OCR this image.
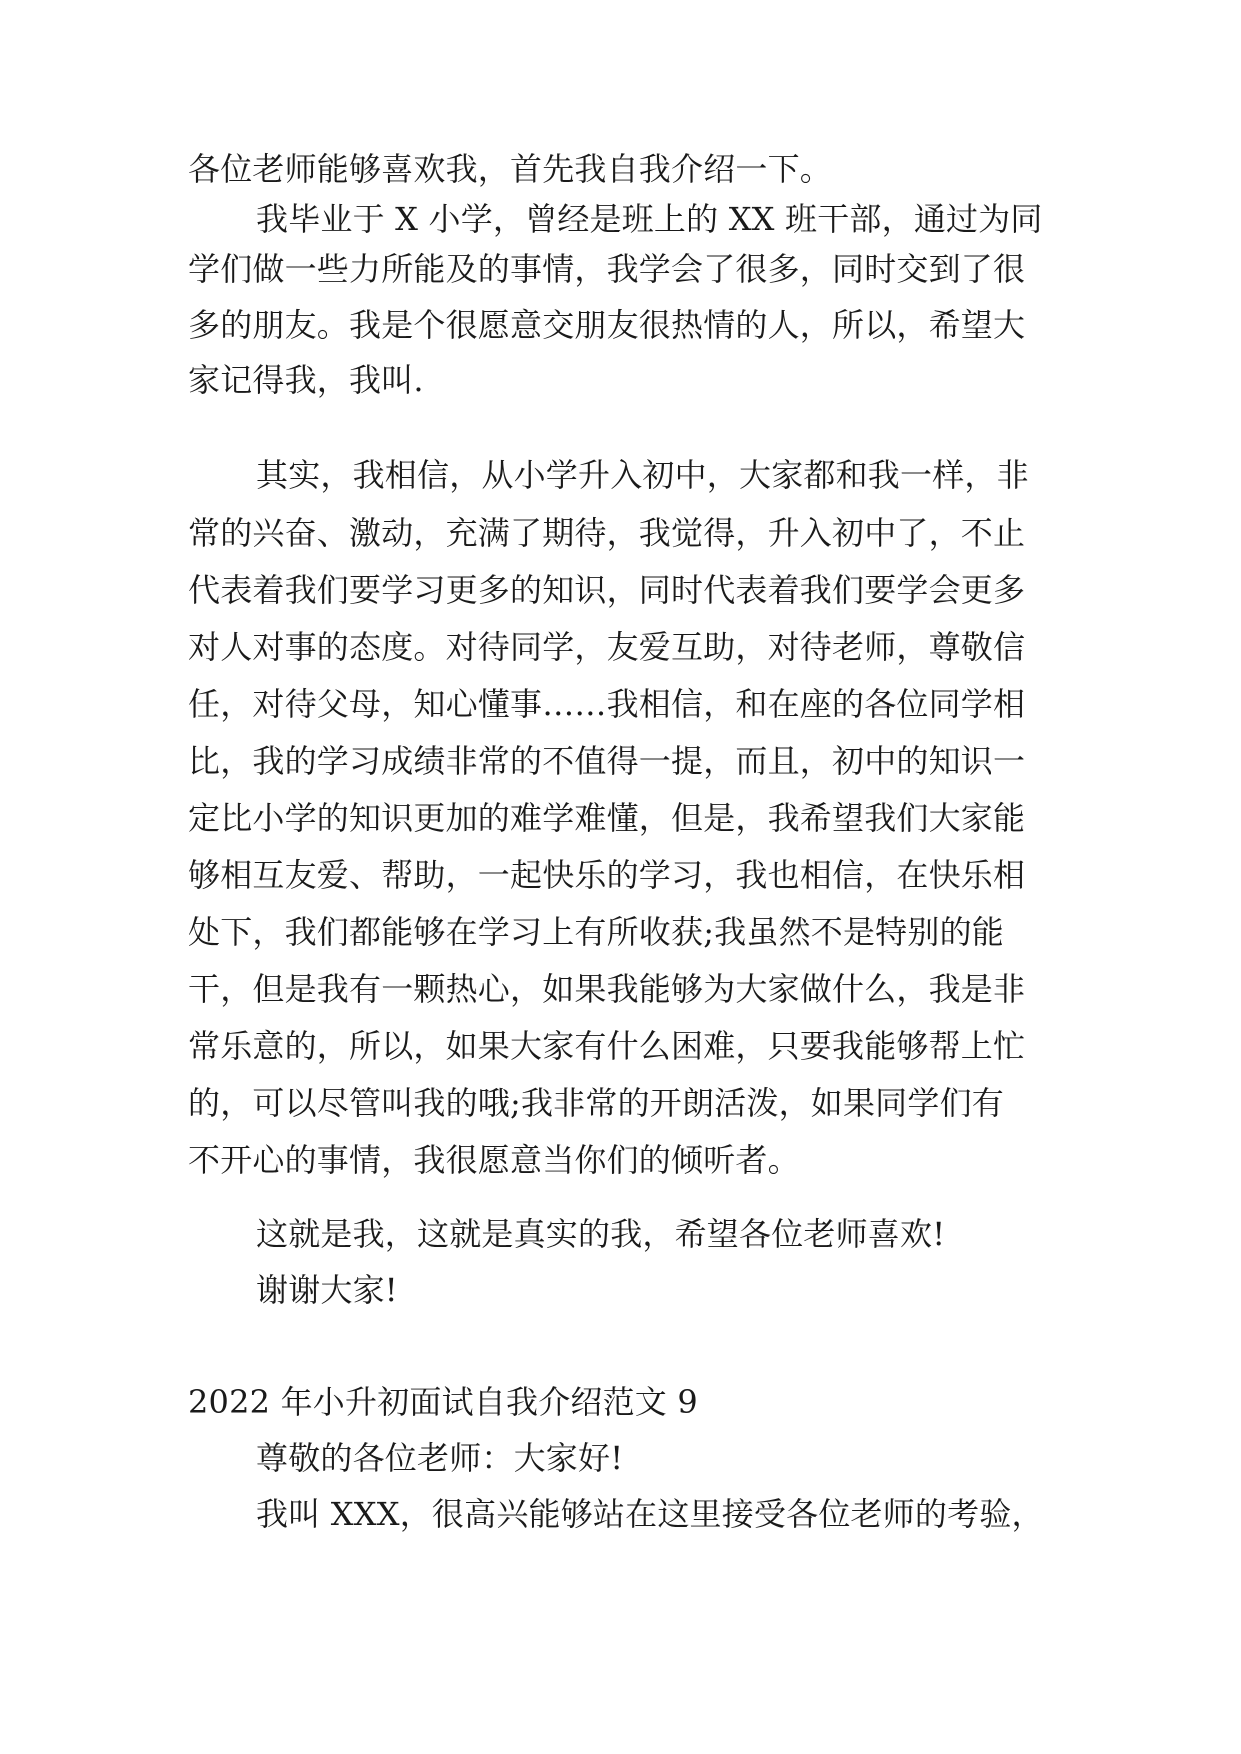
各位老师能够喜欢我，首先我自我介绍一下。
我毕业于 X 小学，曾经是班上的 XX 班干部，通过为同
学们做一些力所能及的事情，我学会了很多，同时交到了很
多的朋友。我是个很愿意交朋友很热情的人，所以，希望大
家记得我，我叫.
其实，我相信，从小学升入初中，大家都和我一样，非
常的兴奋、激动，充满了期待，我觉得，升入初中了，不止
代表着我们要学习更多的知识，同时代表着我们要学会更多
对人对事的态度。对待同学，友爱互助，对待老师，尊敬信
任，对待父母，知心懂事……我相信，和在座的各位同学相
比，我的学习成绩非常的不值得一提，而且，初中的知识一
定比小学的知识更加的难学难懂，但是，我希望我们大家能
够相互友爱、帮助，一起快乐的学习，我也相信，在快乐相
处下，我们都能够在学习上有所收获;我虽然不是特别的能
干，但是我有一颗热心，如果我能够为大家做什么，我是非
常乐意的，所以，如果大家有什么困难，只要我能够帮上忙
的，可以尽管叫我的哦;我非常的开朗活泼，如果同学们有
不开心的事情，我很愿意当你们的倾听者。
这就是我，这就是真实的我，希望各位老师喜欢!
谢谢大家!
2022 年小升初面试自我介绍范文 9
尊敬的各位老师：大家好!
我叫 XXX，很高兴能够站在这里接受各位老师的考验，
